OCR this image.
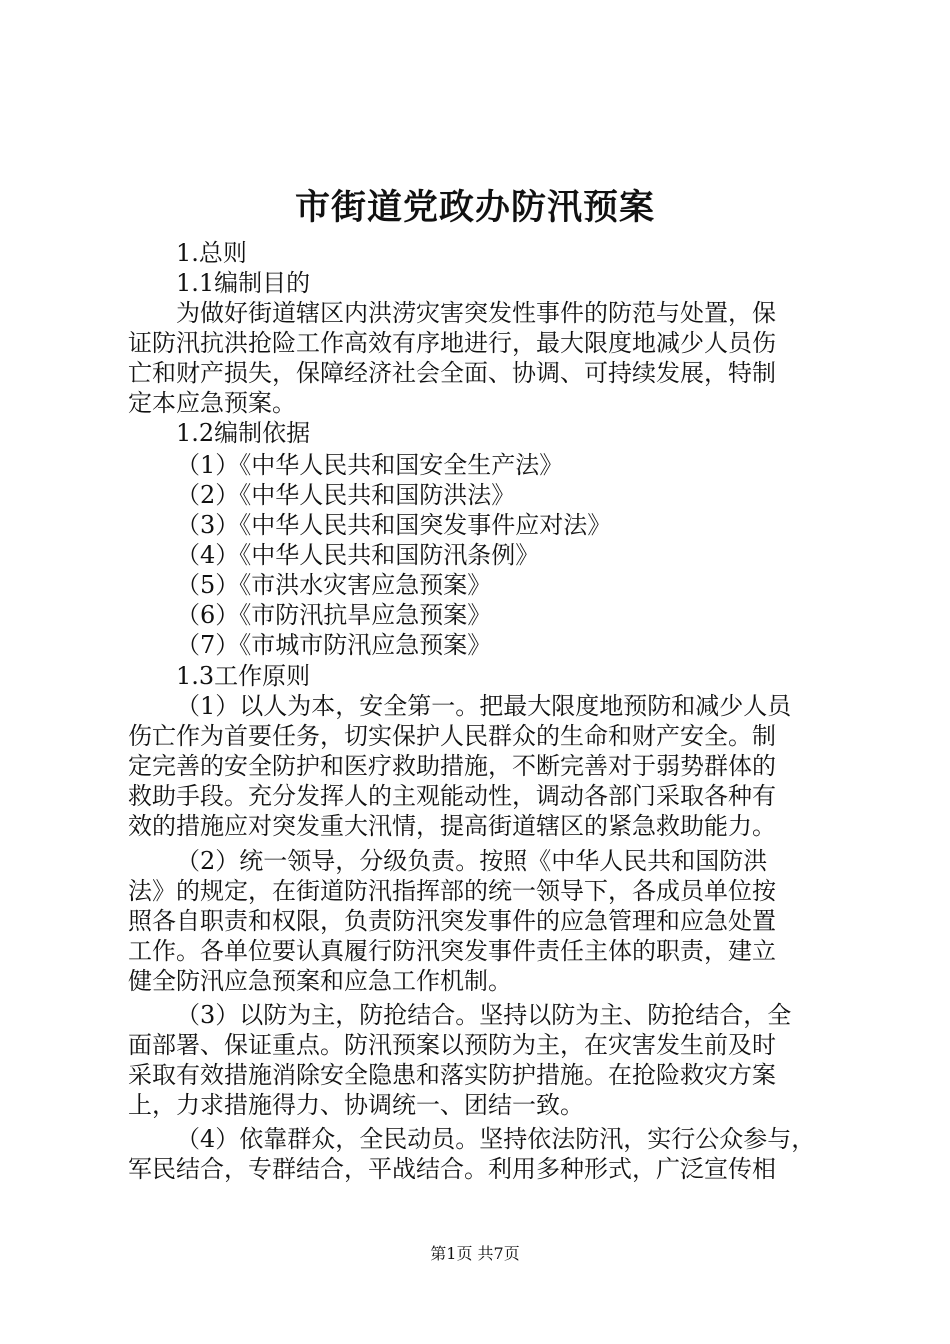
市街道党政办防汛预案

1.总则

1.1编制目的

为做好街道辖区内洪涝灾害突发性事件的防范与处置，保

证防汛抗洪抢险工作高效有序地进行，最大限度地减少人员伤

亡和财产损失，保障经济社会全面、协调、可持续发展，特制

定本应急预案。

1.2编制依据

（1）《中华人民共和国安全生产法》

（2）《中华人民共和国防洪法》

（3）《中华人民共和国突发事件应对法》

（4）《中华人民共和国防汛条例》

（5）《市洪水灾害应急预案》

（6）《市防汛抗旱应急预案》

（7）《市城市防汛应急预案》

1.3工作原则

（1）以人为本，安全第一。把最大限度地预防和减少人员

伤亡作为首要任务，切实保护人民群众的生命和财产安全。制

定完善的安全防护和医疗救助措施，不断完善对于弱势群体的

救助手段。充分发挥人的主观能动性，调动各部门采取各种有

效的措施应对突发重大汛情，提高街道辖区的紧急救助能力。

（2）统一领导，分级负责。按照《中华人民共和国防洪

法》的规定，在街道防汛指挥部的统一领导下，各成员单位按

照各自职责和权限，负责防汛突发事件的应急管理和应急处置

工作。各单位要认真履行防汛突发事件责任主体的职责，建立

健全防汛应急预案和应急工作机制。

（3）以防为主，防抢结合。坚持以防为主、防抢结合，全

面部署、保证重点。防汛预案以预防为主，在灾害发生前及时

采取有效措施消除安全隐患和落实防护措施。在抢险救灾方案

上，力求措施得力、协调统一、团结一致。

（4）依靠群众，全民动员。坚持依法防汛，实行公众参与，

军民结合，专群结合，平战结合。利用多种形式，广泛宣传相

第1页 共7页
